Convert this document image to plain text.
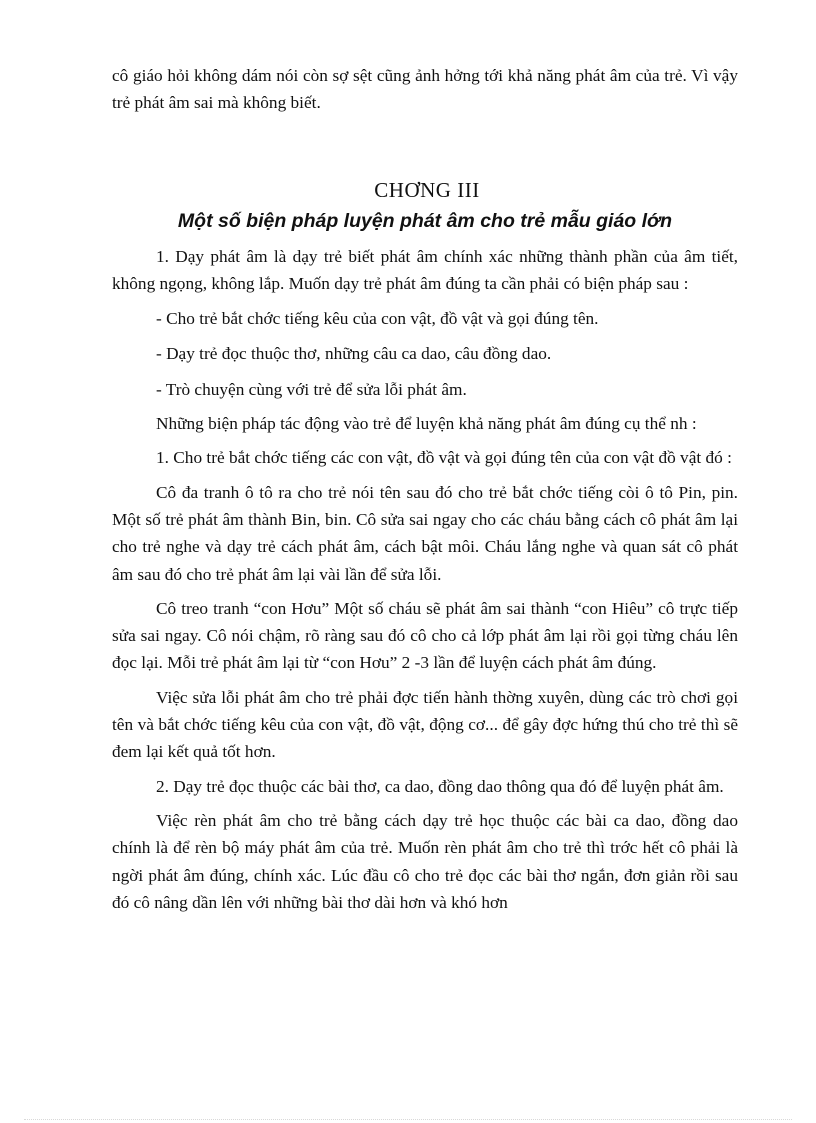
cô giáo hỏi không dám nói còn sợ sệt cũng ảnh hởng tới khả năng phát âm của trẻ. Vì vậy trẻ phát âm sai mà không biết.

CHƠNG III

Một số biện pháp luyện phát âm cho trẻ mẫu giáo lớn

1. Dạy phát âm là dạy trẻ biết phát âm chính xác những thành phần của âm tiết, không ngọng, không lắp. Muốn dạy trẻ phát âm đúng ta cần phải có biện pháp sau :

- Cho trẻ bắt chớc tiếng kêu của con vật, đồ vật và gọi đúng tên.

- Dạy trẻ đọc thuộc thơ, những câu ca dao, câu đồng dao.

- Trò chuyện cùng với trẻ để sửa lỗi phát âm.

Những biện pháp tác động vào trẻ để luyện khả năng phát âm đúng cụ thể nh :

1. Cho trẻ bắt chớc tiếng các con vật, đồ vật và gọi đúng tên của con vật đồ vật đó :

Cô đa tranh ô tô ra cho trẻ nói tên sau đó cho trẻ bắt chớc tiếng còi ô tô Pin, pin. Một số trẻ phát âm thành Bin, bin. Cô sửa sai ngay cho các cháu bằng cách cô phát âm lại cho trẻ nghe và dạy trẻ cách phát âm, cách bật môi. Cháu lắng nghe và quan sát cô phát âm sau đó cho trẻ phát âm lại vài lần để sửa lỗi.

Cô treo tranh “con Hơu” Một số cháu sẽ phát âm sai thành “con Hiêu” cô trực tiếp sửa sai ngay. Cô nói chậm, rõ ràng sau đó cô cho cả lớp phát âm lại rồi gọi từng cháu lên đọc lại. Mỗi trẻ phát âm lại từ “con Hơu” 2 -3 lần để luyện cách phát âm đúng.

Việc sửa lỗi phát âm cho trẻ phải đợc tiến hành thờng xuyên, dùng các trò chơi gọi tên và bắt chớc tiếng kêu của con vật, đồ vật, động cơ... để gây đợc hứng thú cho trẻ thì sẽ đem lại kết quả tốt hơn.

2. Dạy trẻ đọc thuộc các bài thơ, ca dao, đồng dao thông qua đó để luyện phát âm.

Việc rèn phát âm cho trẻ bằng cách dạy trẻ học thuộc các bài ca dao, đồng dao chính là để rèn bộ máy phát âm của trẻ. Muốn rèn phát âm cho trẻ thì trớc hết cô phải là ngời phát âm đúng, chính xác. Lúc đầu cô cho trẻ đọc các bài thơ ngắn, đơn giản rồi sau đó cô nâng dần lên với những bài thơ dài hơn và khó hơn
